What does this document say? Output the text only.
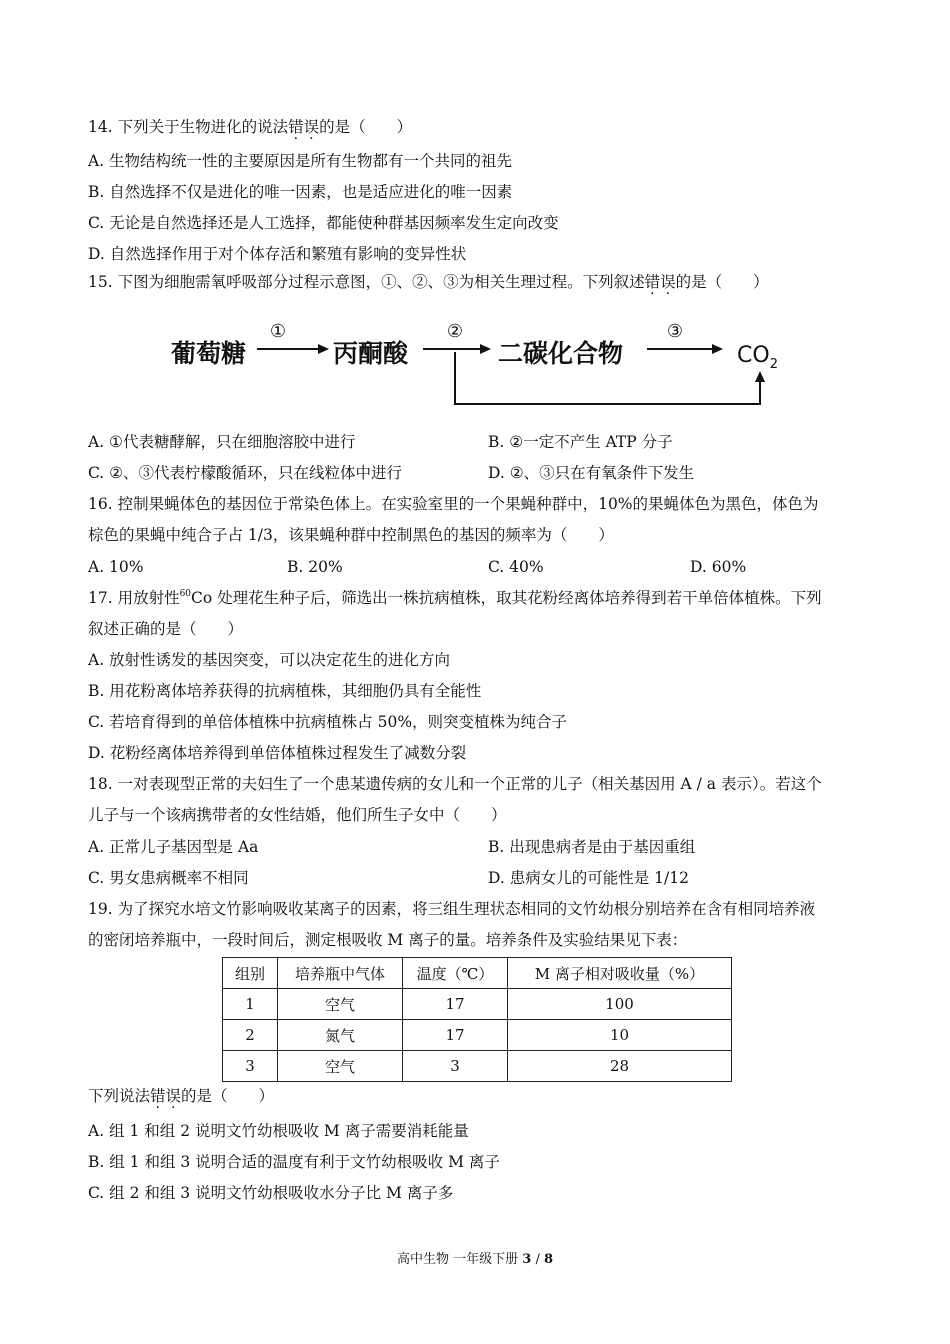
14. 下列关于生物进化的说法错误的是（　　）
A. 生物结构统一性的主要原因是所有生物都有一个共同的祖先
B. 自然选择不仅是进化的唯一因素，也是适应进化的唯一因素
C. 无论是自然选择还是人工选择，都能使种群基因频率发生定向改变
D. 自然选择作用于对个体存活和繁殖有影响的变异性状
15. 下图为细胞需氧呼吸部分过程示意图，①、②、③为相关生理过程。下列叙述错误的是（　　）
葡萄糖
①
丙酮酸
②
二碳化合物
③
$CO_2$
A. ①代表糖酵解，只在细胞溶胶中进行	B. ②一定不产生 ATP 分子
C. ②、③代表柠檬酸循环，只在线粒体中进行	D. ②、③只在有氧条件下发生
16. 控制果蝇体色的基因位于常染色体上。在实验室里的一个果蝇种群中，10%的果蝇体色为黑色，体色为
棕色的果蝇中纯合子占 1/3，该果蝇种群中控制黑色的基因的频率为（　　）
A. 10%	B. 20%	C. 40%	D. 60%
17. 用放射性$^{60}$Co 处理花生种子后，筛选出一株抗病植株，取其花粉经离体培养得到若干单倍体植株。下列
叙述正确的是（　　）
A. 放射性诱发的基因突变，可以决定花生的进化方向
B. 用花粉离体培养获得的抗病植株，其细胞仍具有全能性
C. 若培育得到的单倍体植株中抗病植株占 50%，则突变植株为纯合子
D. 花粉经离体培养得到单倍体植株过程发生了减数分裂
18. 一对表现型正常的夫妇生了一个患某遗传病的女儿和一个正常的儿子（相关基因用 A / a 表示）。若这个
儿子与一个该病携带者的女性结婚，他们所生子女中（　　）
A. 正常儿子基因型是 Aa	B. 出现患病者是由于基因重组
C. 男女患病概率不相同	D. 患病女儿的可能性是 1/12
19. 为了探究水培文竹影响吸收某离子的因素，将三组生理状态相同的文竹幼根分别培养在含有相同培养液
的密闭培养瓶中，一段时间后，测定根吸收 M 离子的量。培养条件及实验结果见下表：
组别	培养瓶中气体	温度（℃）	M 离子相对吸收量（%）
1	空气	17	100
2	氮气	17	10
3	空气	3	28
下列说法错误的是（　　）
A. 组 1 和组 2 说明文竹幼根吸收 M 离子需要消耗能量
B. 组 1 和组 3 说明合适的温度有利于文竹幼根吸收 M 离子
C. 组 2 和组 3 说明文竹幼根吸收水分子比 M 离子多
高中生物 一年级下册 3 / 8
